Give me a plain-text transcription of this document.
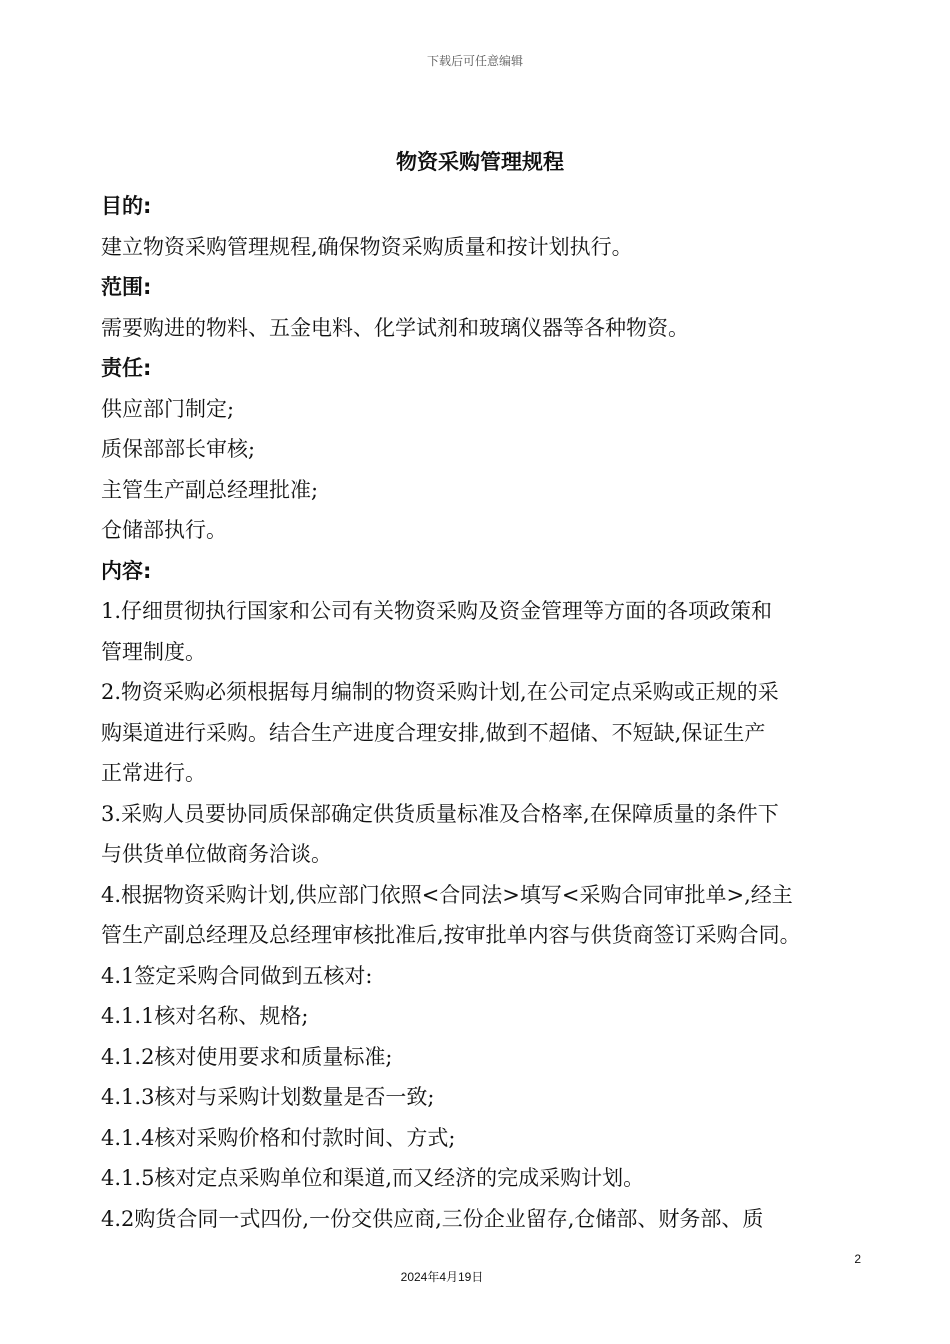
下载后可任意编辑
物资采购管理规程
目的:
建立物资采购管理规程,确保物资采购质量和按计划执行。
范围:
需要购进的物料、五金电料、化学试剂和玻璃仪器等各种物资。
责任:
供应部门制定;
质保部部长审核;
主管生产副总经理批准;
仓储部执行。
内容:
1.仔细贯彻执行国家和公司有关物资采购及资金管理等方面的各项政策和
管理制度。
2.物资采购必须根据每月编制的物资采购计划,在公司定点采购或正规的采
购渠道进行采购。结合生产进度合理安排,做到不超储、不短缺,保证生产
正常进行。
3.采购人员要协同质保部确定供货质量标准及合格率,在保障质量的条件下
与供货单位做商务洽谈。
4.根据物资采购计划,供应部门依照<合同法>填写<采购合同审批单>,经主
管生产副总经理及总经理审核批准后,按审批单内容与供货商签订采购合同。
4.1签定采购合同做到五核对:
4.1.1核对名称、规格;
4.1.2核对使用要求和质量标准;
4.1.3核对与采购计划数量是否一致;
4.1.4核对采购价格和付款时间、方式;
4.1.5核对定点采购单位和渠道,而又经济的完成采购计划。
4.2购货合同一式四份,一份交供应商,三份企业留存,仓储部、财务部、质
2
2024年4月19日
